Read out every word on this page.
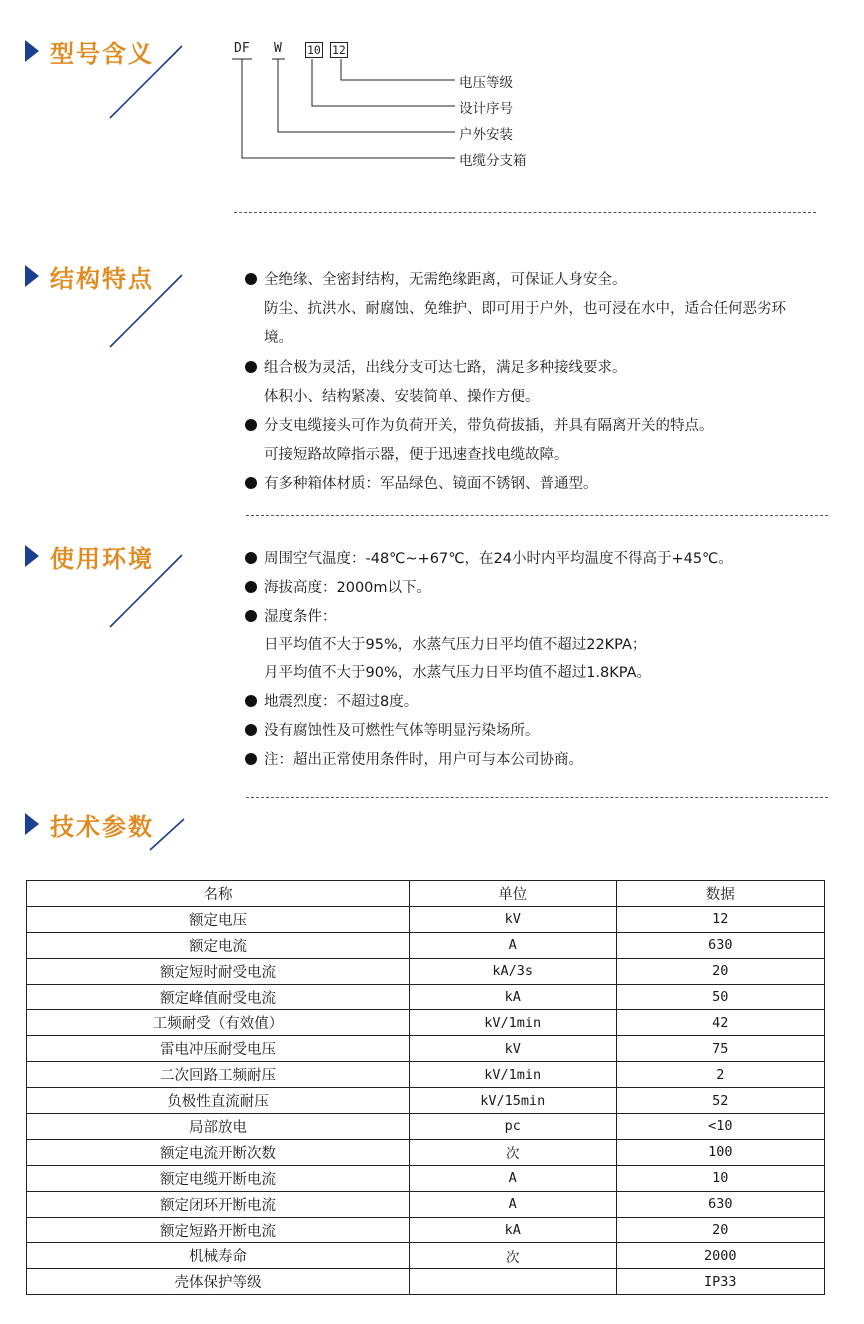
型号含义	DF W 10 12
电压等级
设计序号
户外安装
电缆分支箱
结构特点	全绝缘、全密封结构，无需绝缘距离，可保证人身安全。
防尘、抗洪水、耐腐蚀、免维护、即可用于户外，也可浸在水中，适合任何恶劣环
境。
组合极为灵活，出线分支可达七路，满足多种接线要求。
体积小、结构紧凑、安装简单、操作方便。
分支电缆接头可作为负荷开关，带负荷拔插，并具有隔离开关的特点。
可接短路故障指示器，便于迅速查找电缆故障。
有多种箱体材质：军品绿色、镜面不锈钢、普通型。
使用环境	周围空气温度：-48℃~+67℃，在24小时内平均温度不得高于+45℃。
海拔高度：2000m以下。
湿度条件：
日平均值不大于95%，水蒸气压力日平均值不超过22KPA；
月平均值不大于90%，水蒸气压力日平均值不超过1.8KPA。
地震烈度：不超过8度。
没有腐蚀性及可燃性气体等明显污染场所。
注：超出正常使用条件时，用户可与本公司协商。
技术参数
名称	单位	数据
额定电压	kV	12
额定电流	A	630
额定短时耐受电流	kA/3s	20
额定峰值耐受电流	kA	50
工频耐受（有效值）	kV/1min	42
雷电冲压耐受电压	kV	75
二次回路工频耐压	kV/1min	2
负极性直流耐压	kV/15min	52
局部放电	pc	<10
额定电流开断次数	次	100
额定电缆开断电流	A	10
额定闭环开断电流	A	630
额定短路开断电流	kA	20
机械寿命	次	2000
壳体保护等级		IP33
